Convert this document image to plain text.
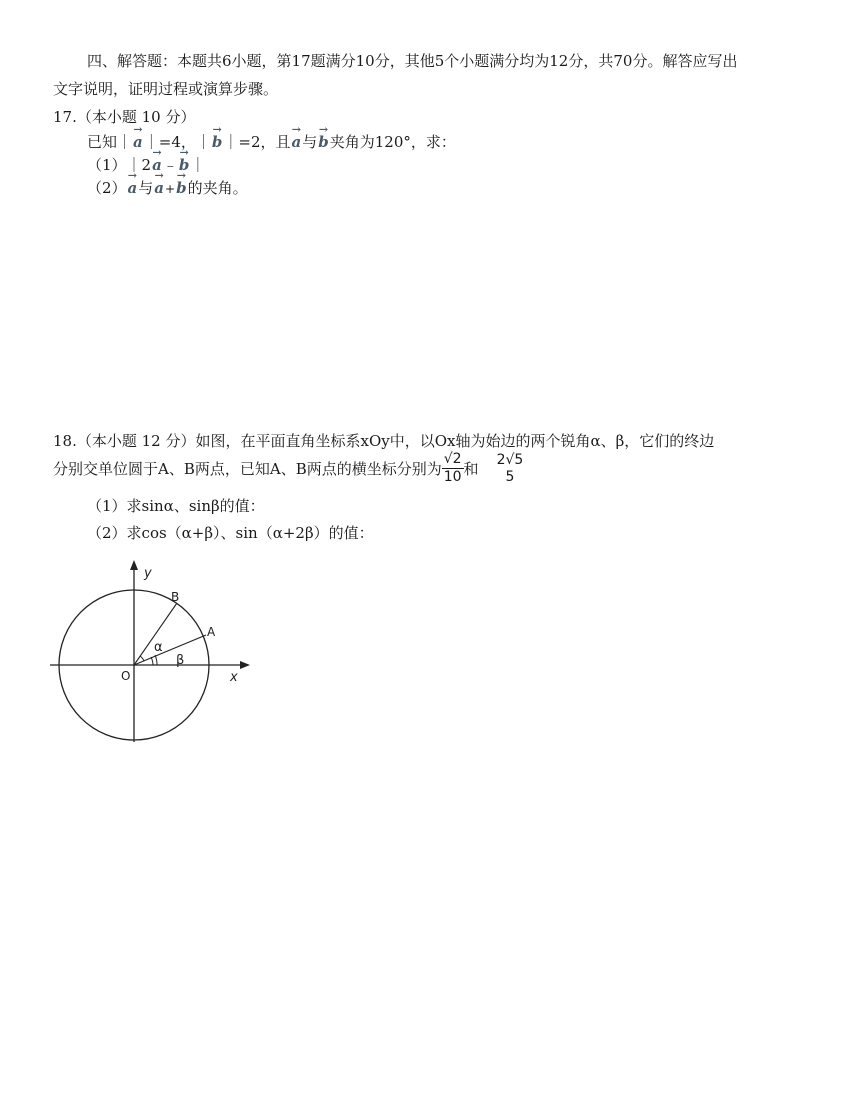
四、解答题：本题共6小题，第17题满分10分，其他5个小题满分均为12分，共70分。解答应写出
文字说明，证明过程或演算步骤。
17.（本小题 10 分）
已知｜a →｜=4，｜b →｜=2，且a →与b →夹角为120°，求：
（1）｜2a →﹣b →｜
（2）a →与a →+b →的夹角。
18.（本小题 12 分）如图，在平面直角坐标系xOy中，以Ox轴为始边的两个锐角α、β，它们的终边
分别交单位圆于A、B两点，已知A、B两点的横坐标分别为 $\frac{√2}{10}$ 和
2√5
5
（1）求sinα、sinβ的值：
（2）求cos（α+β）、sin（α+2β）的值：
y
x
O
A
B
α
β
